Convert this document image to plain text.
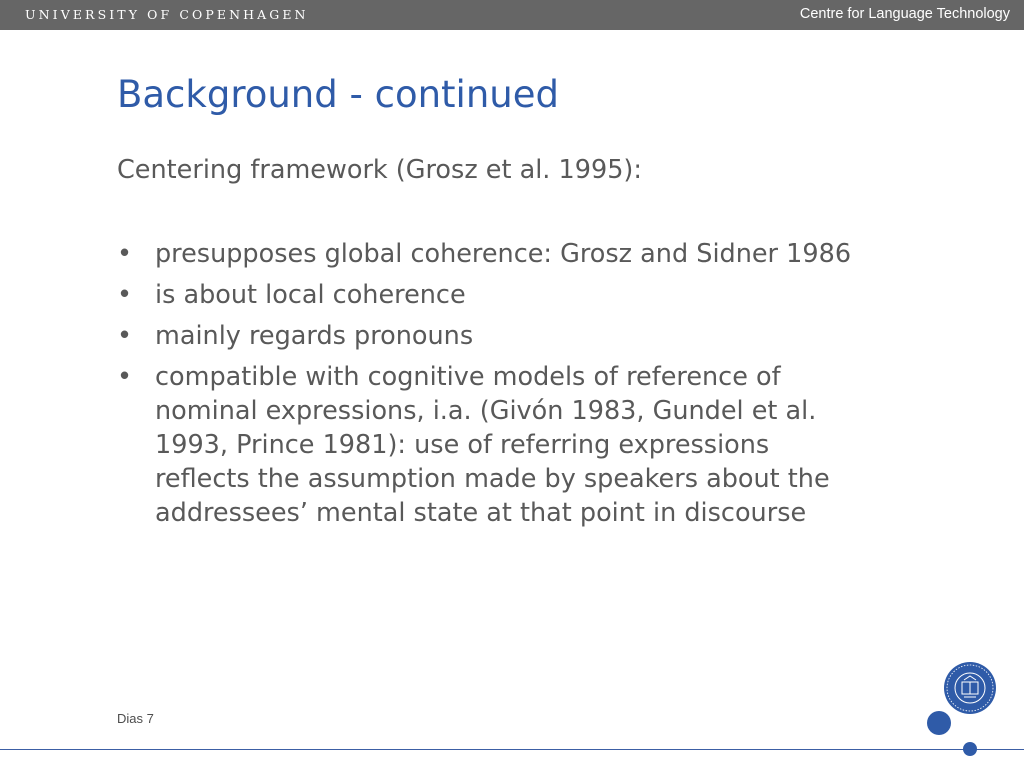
UNIVERSITY OF COPENHAGEN	Centre for Language Technology
Background - continued
Centering framework (Grosz et al. 1995):
• presupposes global coherence: Grosz and Sidner 1986
• is about local coherence
• mainly regards pronouns
• compatible with cognitive models of reference of nominal expressions, i.a. (Givón 1983, Gundel et al. 1993, Prince 1981): use of referring expressions reflects the assumption made by speakers about the addressees’ mental state at that point in discourse
Dias 7
